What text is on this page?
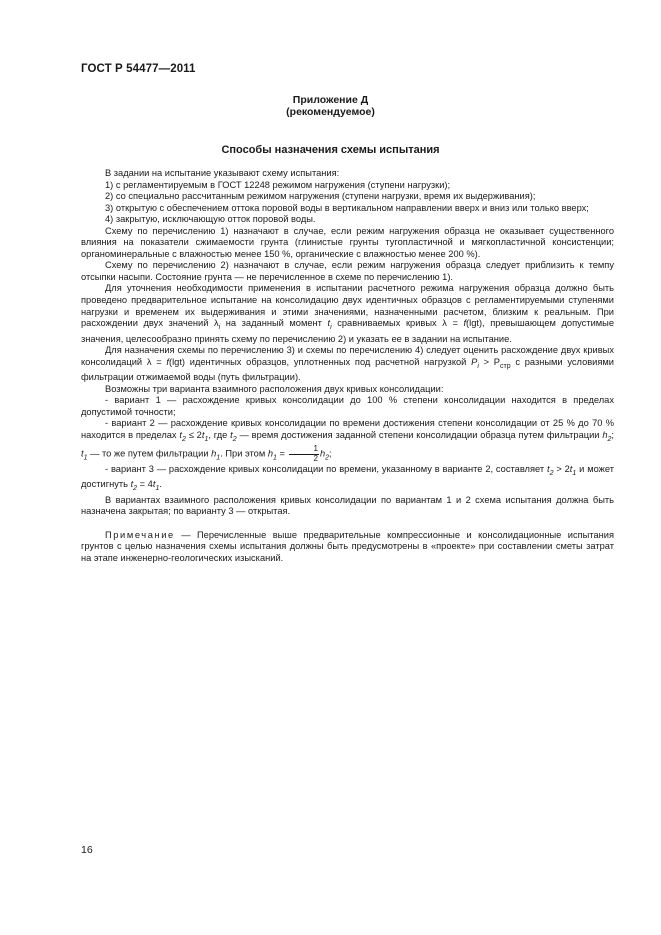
ГОСТ Р 54477—2011
Приложение Д
(рекомендуемое)
Способы назначения схемы испытания

В задании на испытание указывают схему испытания:

1) с регламентируемым в ГОСТ 12248 режимом нагружения (ступени нагрузки);

2) со специально рассчитанным режимом нагружения (ступени нагрузки, время их выдерживания);

3) открытую с обеспечением оттока поровой воды в вертикальном направлении вверх и вниз или только вверх;

4) закрытую, исключающую отток поровой воды.

Схему по перечислению 1) назначают в случае, если режим нагружения образца не оказывает существенного влияния на показатели сжимаемости грунта (глинистые грунты тугопластичной и мягкопластичной консистенции; органоминеральные с влажностью менее 150 %, органические с влажностью менее 200 %).

Схему по перечислению 2) назначают в случае, если режим нагружения образца следует приблизить к темпу отсыпки насыпи. Состояние грунта — не перечисленное в схеме по перечислению 1).

Для уточнения необходимости применения в испытании расчетного режима нагружения образца должно быть проведено предварительное испытание на консолидацию двух идентичных образцов с регламентируемыми ступенями нагрузки и временем их выдерживания и этими значениями, назначенными расчетом, близким к реальным. При расхождении двух значений $\lambda_i$ на заданный момент $t_i$ сравниваемых кривых λ = f(lgt), превышающем допустимые значения, целесообразно принять схему по перечислению 2) и указать ее в задании на испытание.

Для назначения схемы по перечислению 3) и схемы по перечислению 4) следует оценить расхождение двух кривых консолидаций λ = f(lgt) идентичных образцов, уплотненных под расчетной нагрузкой $P_i > P_{стр}$ с разными условиями фильтрации отжимаемой воды (путь фильтрации).

Возможны три варианта взаимного расположения двух кривых консолидации:

- вариант 1 — расхождение кривых консолидации до 100 % степени консолидации находится в пределах допустимой точности;

- вариант 2 — расхождение кривых консолидации по времени достижения степени консолидации от 25 % до 70 % находится в пределах $t_2 \le 2t_1$, где $t_2$ — время достижения заданной степени консолидации образца путем фильтрации $h_2$; $t_1$ — то же путем фильтрации $h_1$. При этом $h_1 = \frac{1}{2} h_2$;

- вариант 3 — расхождение кривых консолидации по времени, указанному в варианте 2, составляет $t_2 > 2t_1$ и может достигнуть $t_2 = 4t_1$.

В вариантах взаимного расположения кривых консолидации по вариантам 1 и 2 схема испытания должна быть назначена закрытая; по варианту 3 — открытая.

Примечание — Перечисленные выше предварительные компрессионные и консолидационные испытания грунтов с целью назначения схемы испытания должны быть предусмотрены в «проекте» при составлении сметы затрат на этапе инженерно-геологических изысканий.

16
